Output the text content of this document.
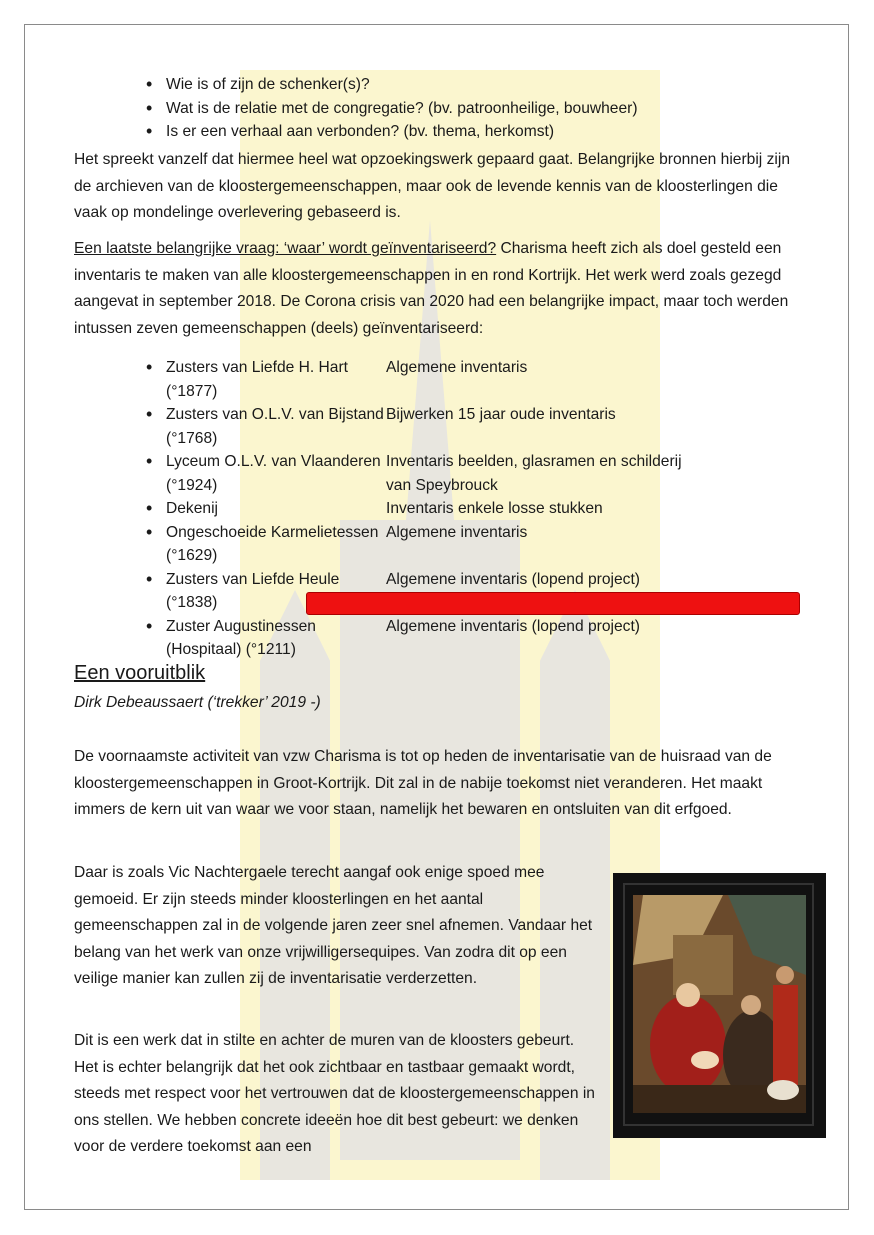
• Wie is of zijn de schenker(s)?
• Wat is de relatie met de congregatie? (bv. patroonheilige, bouwheer)
• Is er een verhaal aan verbonden? (bv. thema, herkomst)

Het spreekt vanzelf dat hiermee heel wat opzoekingswerk gepaard gaat. Belangrijke bronnen hierbij zijn de archieven van de kloostergemeenschappen, maar ook de levende kennis van de kloosterlingen die vaak op mondelinge overlevering gebaseerd is.

Een laatste belangrijke vraag: ‘waar’ wordt geïnventariseerd? Charisma heeft zich als doel gesteld een inventaris te maken van alle kloostergemeenschappen in en rond Kortrijk. Het werk werd zoals gezegd aangevat in september 2018. De Corona crisis van 2020 had een belangrijke impact, maar toch werden intussen zeven gemeenschappen (deels) geïnventariseerd:

• Zusters van Liefde H. Hart (°1877)
Algemene inventaris
• Zusters van O.L.V. van Bijstand (°1768)
Bijwerken 15 jaar oude inventaris
• Lyceum O.L.V. van Vlaanderen (°1924)
Inventaris beelden, glasramen en schilderij van Speybrouck
• Dekenij	Inventaris enkele losse stukken
• Ongeschoeide Karmelietessen (°1629)
Algemene inventaris
• Zusters van Liefde Heule (°1838)
Algemene inventaris (lopend project)
• Zuster Augustinessen (Hospitaal) (°1211)
Algemene inventaris (lopend project)
Een vooruitblik
Dirk Debeaussaert (‘trekker’ 2019 -)

De voornaamste activiteit van vzw Charisma is tot op heden de inventarisatie van de huisraad van de kloostergemeenschappen in Groot-Kortrijk. Dit zal in de nabije toekomst niet veranderen. Het maakt immers de kern uit van waar we voor staan, namelijk het bewaren en ontsluiten van dit erfgoed.

Daar is zoals Vic Nachtergaele terecht aangaf ook enige spoed mee gemoeid. Er zijn steeds minder kloosterlingen en het aantal gemeenschappen zal in de volgende jaren zeer snel afnemen. Vandaar het belang van het werk van onze vrijwilligersequipes. Van zodra dit op een veilige manier kan zullen zij de inventarisatie verderzetten.

Dit is een werk dat in stilte en achter de muren van de kloosters gebeurt. Het is echter belangrijk dat het ook zichtbaar en tastbaar gemaakt wordt, steeds met respect voor het vertrouwen dat de kloostergemeenschappen in ons stellen. We hebben concrete ideeën hoe dit best gebeurt: we denken voor de verdere toekomst aan een
